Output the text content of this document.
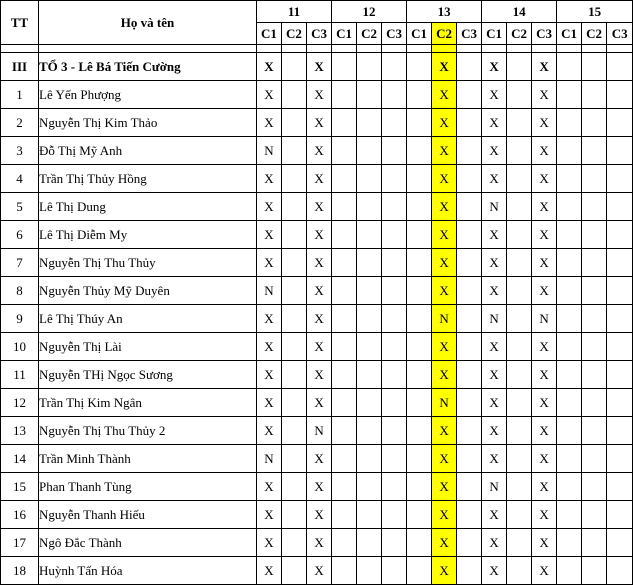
TT	Họ và tên	11			12			13			14			15		
		C1	C2	C3	C1	C2	C3	C1	C2	C3	C1	C2	C3	C1	C2	C3

III	TỔ 3 - Lê Bá Tiến Cường	X		X					X		X		X			
1	Lê Yến Phượng	X		X					X		X		X			
2	Nguyễn Thị Kim Thảo	X		X					X		X		X			
3	Đỗ Thị Mỹ Anh	N		X					X		X		X			
4	Trần Thị Thủy Hồng	X		X					X		X		X			
5	Lê Thị Dung	X		X					X		N		X			
6	Lê Thị Diễm My	X		X					X		X		X			
7	Nguyễn Thị Thu Thủy	X		X					X		X		X			
8	Nguyễn Thủy Mỹ Duyên	N		X					X		X		X			
9	Lê Thị Thúy An	X		X					N		N		N			
10	Nguyễn Thị Lài	X		X					X		X		X			
11	Nguyễn THị Ngọc Sương	X		X					X		X		X			
12	Trần Thị Kim Ngân	X		X					N		X		X			
13	Nguyễn Thị Thu Thủy 2	X		N					X		X		X			
14	Trần Minh Thành	N		X					X		X		X			
15	Phan Thanh Tùng	X		X					X		N		X			
16	Nguyễn Thanh Hiếu	X		X					X		X		X			
17	Ngô Đắc Thành	X		X					X		X		X			
18	Huỳnh Tấn Hóa	X		X					X		X		X			
